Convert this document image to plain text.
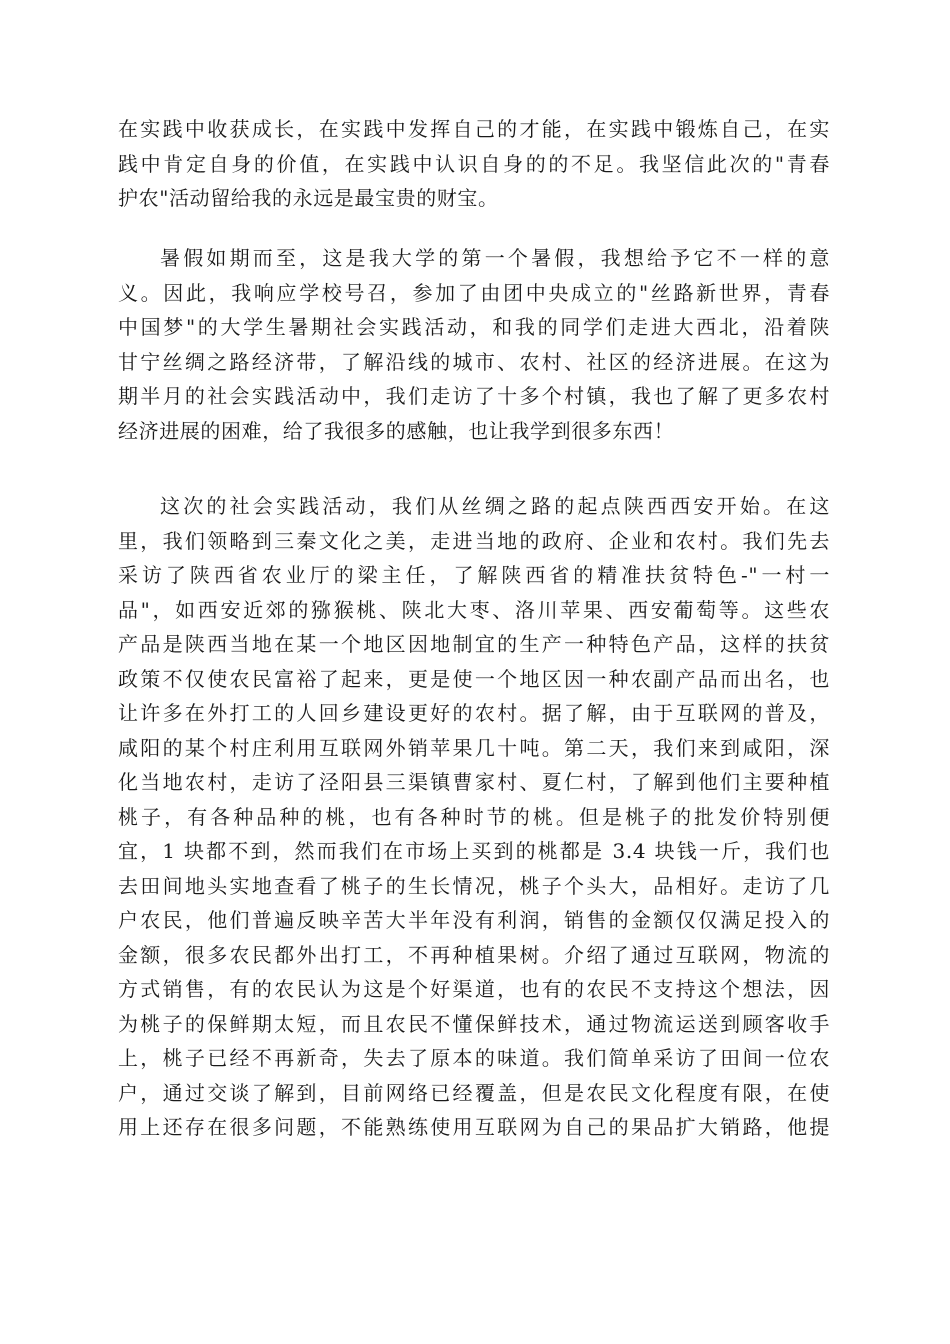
在实践中收获成长，在实践中发挥自己的才能，在实践中锻炼自己，在实
践中肯定自身的价值，在实践中认识自身的的不足。我坚信此次的"青春
护农"活动留给我的永远是最宝贵的财宝。
暑假如期而至，这是我大学的第一个暑假，我想给予它不一样的意
义。因此，我响应学校号召，参加了由团中央成立的"丝路新世界，青春
中国梦"的大学生暑期社会实践活动，和我的同学们走进大西北，沿着陕
甘宁丝绸之路经济带，了解沿线的城市、农村、社区的经济进展。在这为
期半月的社会实践活动中，我们走访了十多个村镇，我也了解了更多农村
经济进展的困难，给了我很多的感触，也让我学到很多东西！
这次的社会实践活动，我们从丝绸之路的起点陕西西安开始。在这
里，我们领略到三秦文化之美，走进当地的政府、企业和农村。我们先去
采访了陕西省农业厅的梁主任，了解陕西省的精准扶贫特色-"一村一
品"，如西安近郊的猕猴桃、陕北大枣、洛川苹果、西安葡萄等。这些农
产品是陕西当地在某一个地区因地制宜的生产一种特色产品，这样的扶贫
政策不仅使农民富裕了起来，更是使一个地区因一种农副产品而出名，也
让许多在外打工的人回乡建设更好的农村。据了解，由于互联网的普及，
咸阳的某个村庄利用互联网外销苹果几十吨。第二天，我们来到咸阳，深
化当地农村，走访了泾阳县三渠镇曹家村、夏仁村，了解到他们主要种植
桃子，有各种品种的桃，也有各种时节的桃。但是桃子的批发价特别便
宜，1 块都不到，然而我们在市场上买到的桃都是 3.4 块钱一斤，我们也
去田间地头实地查看了桃子的生长情况，桃子个头大，品相好。走访了几
户农民，他们普遍反映辛苦大半年没有利润，销售的金额仅仅满足投入的
金额，很多农民都外出打工，不再种植果树。介绍了通过互联网，物流的
方式销售，有的农民认为这是个好渠道，也有的农民不支持这个想法，因
为桃子的保鲜期太短，而且农民不懂保鲜技术，通过物流运送到顾客收手
上，桃子已经不再新奇，失去了原本的味道。我们简单采访了田间一位农
户，通过交谈了解到，目前网络已经覆盖，但是农民文化程度有限，在使
用上还存在很多问题，不能熟练使用互联网为自己的果品扩大销路，他提
